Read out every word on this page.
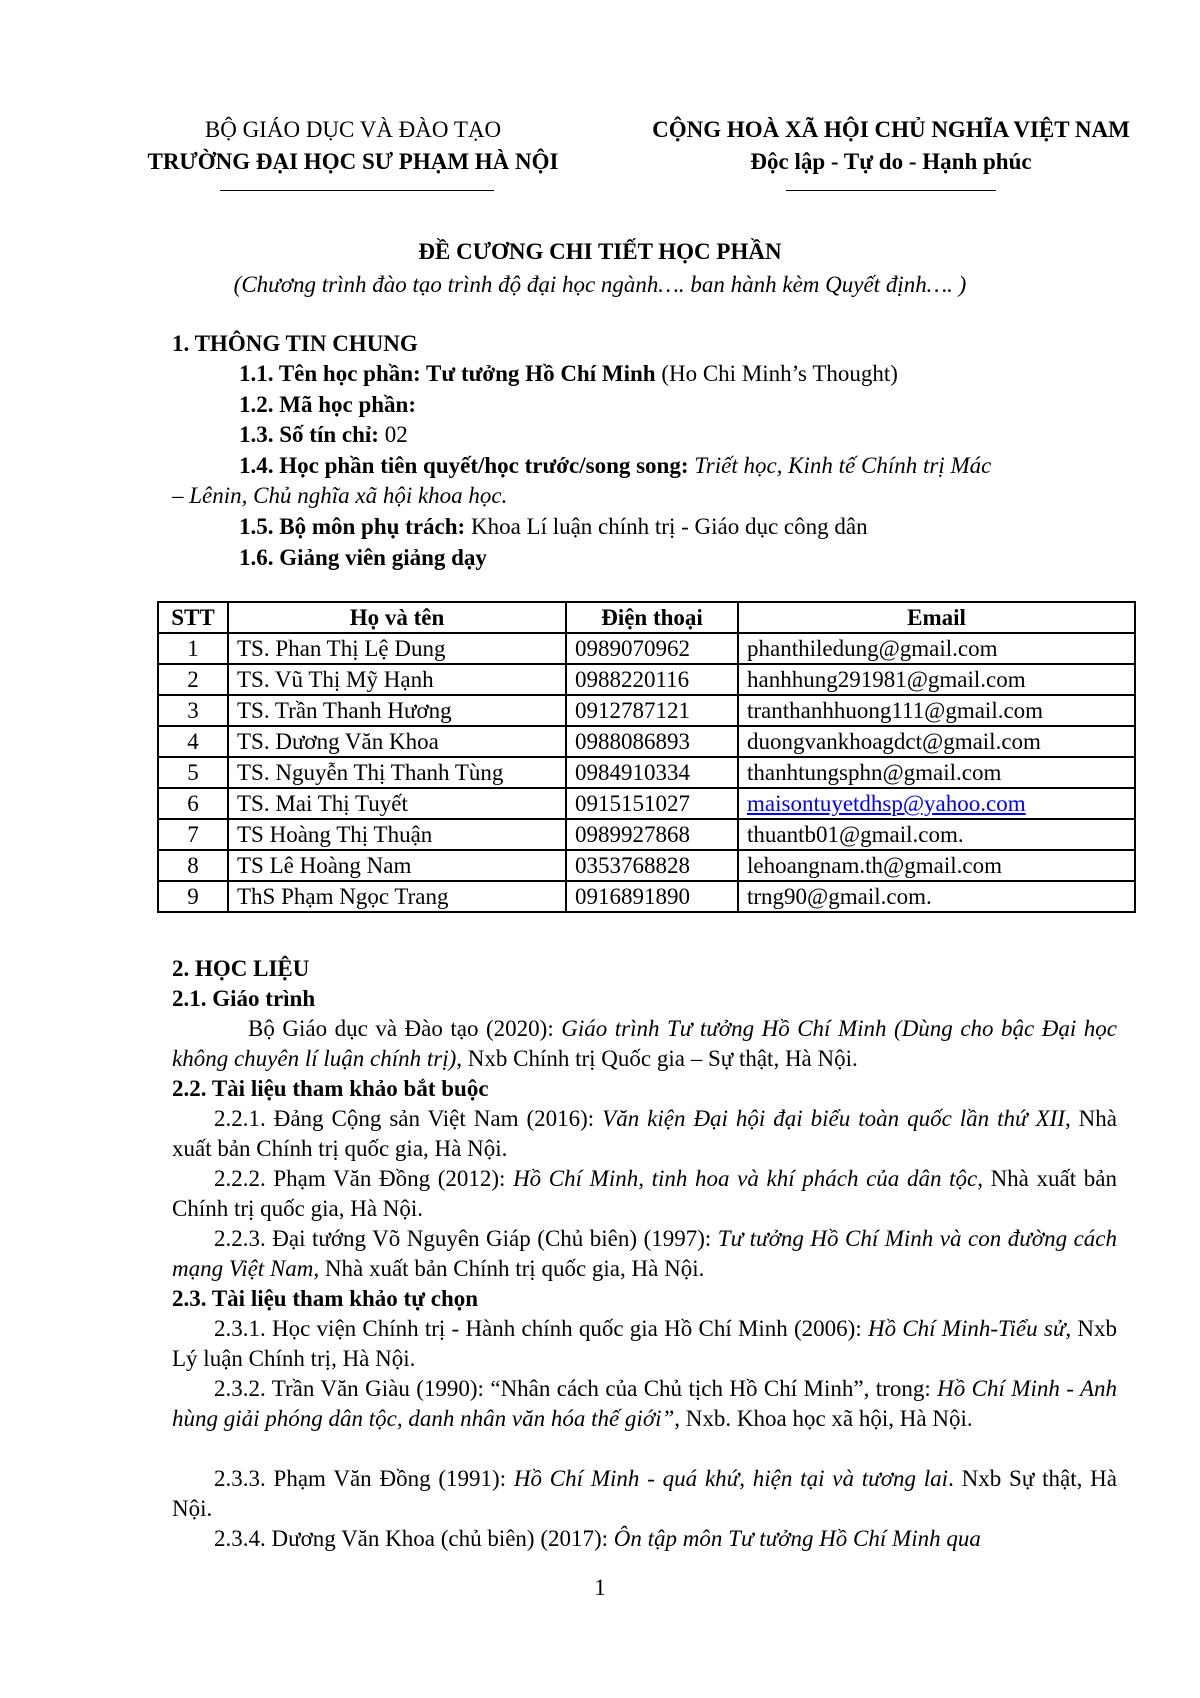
BỘ GIÁO DỤC VÀ ĐÀO TẠO
TRƯỜNG ĐẠI HỌC SƯ PHẠM HÀ NỘI
CỘNG HOÀ XÃ HỘI CHỦ NGHĨA VIỆT NAM
Độc lập - Tự do - Hạnh phúc
ĐỀ CƯƠNG CHI TIẾT HỌC PHẦN
(Chương trình đào tạo trình độ đại học ngành…. ban hành kèm Quyết định…. )
1. THÔNG TIN CHUNG
1.1. Tên học phần: Tư tưởng Hồ Chí Minh (Ho Chi Minh’s Thought)
1.2. Mã học phần:
1.3. Số tín chỉ: 02
1.4. Học phần tiên quyết/học trước/song song: Triết học, Kinh tế Chính trị Mác
– Lênin, Chủ nghĩa xã hội khoa học.
1.5. Bộ môn phụ trách: Khoa Lí luận chính trị - Giáo dục công dân
1.6. Giảng viên giảng dạy
STT	Họ và tên	Điện thoại	Email
1	TS. Phan Thị Lệ Dung	0989070962	phanthiledung@gmail.com
2	TS. Vũ Thị Mỹ Hạnh	0988220116	hanhhung291981@gmail.com
3	TS. Trần Thanh Hương	0912787121	tranthanhhuong111@gmail.com
4	TS. Dương Văn Khoa	0988086893	duongvankhoagdct@gmail.com
5	TS. Nguyễn Thị Thanh Tùng	0984910334	thanhtungsphn@gmail.com
6	TS. Mai Thị Tuyết	0915151027	maisontuyetdhsp@yahoo.com
7	TS Hoàng Thị Thuận	0989927868	thuantb01@gmail.com.
8	TS Lê Hoàng Nam	0353768828	lehoangnam.th@gmail.com
9	ThS Phạm Ngọc Trang	0916891890	trng90@gmail.com.
2. HỌC LIỆU
2.1. Giáo trình
Bộ Giáo dục và Đào tạo (2020): Giáo trình Tư tưởng Hồ Chí Minh (Dùng cho bậc Đại học không chuyên lí luận chính trị), Nxb Chính trị Quốc gia – Sự thật, Hà Nội.
2.2. Tài liệu tham khảo bắt buộc
2.2.1. Đảng Cộng sản Việt Nam (2016): Văn kiện Đại hội đại biểu toàn quốc lần thứ XII, Nhà xuất bản Chính trị quốc gia, Hà Nội.
2.2.2. Phạm Văn Đồng (2012): Hồ Chí Minh, tinh hoa và khí phách của dân tộc, Nhà xuất bản Chính trị quốc gia, Hà Nội.
2.2.3. Đại tướng Võ Nguyên Giáp (Chủ biên) (1997): Tư tưởng Hồ Chí Minh và con đường cách mạng Việt Nam, Nhà xuất bản Chính trị quốc gia, Hà Nội.
2.3. Tài liệu tham khảo tự chọn
2.3.1. Học viện Chính trị - Hành chính quốc gia Hồ Chí Minh (2006): Hồ Chí Minh-Tiểu sử, Nxb Lý luận Chính trị, Hà Nội.
2.3.2. Trần Văn Giàu (1990): “Nhân cách của Chủ tịch Hồ Chí Minh”, trong: Hồ Chí Minh - Anh hùng giải phóng dân tộc, danh nhân văn hóa thế giới”, Nxb. Khoa học xã hội, Hà Nội.
2.3.3. Phạm Văn Đồng (1991): Hồ Chí Minh - quá khứ, hiện tại và tương lai. Nxb Sự thật, Hà Nội.
2.3.4. Dương Văn Khoa (chủ biên) (2017): Ôn tập môn Tư tưởng Hồ Chí Minh qua
1
